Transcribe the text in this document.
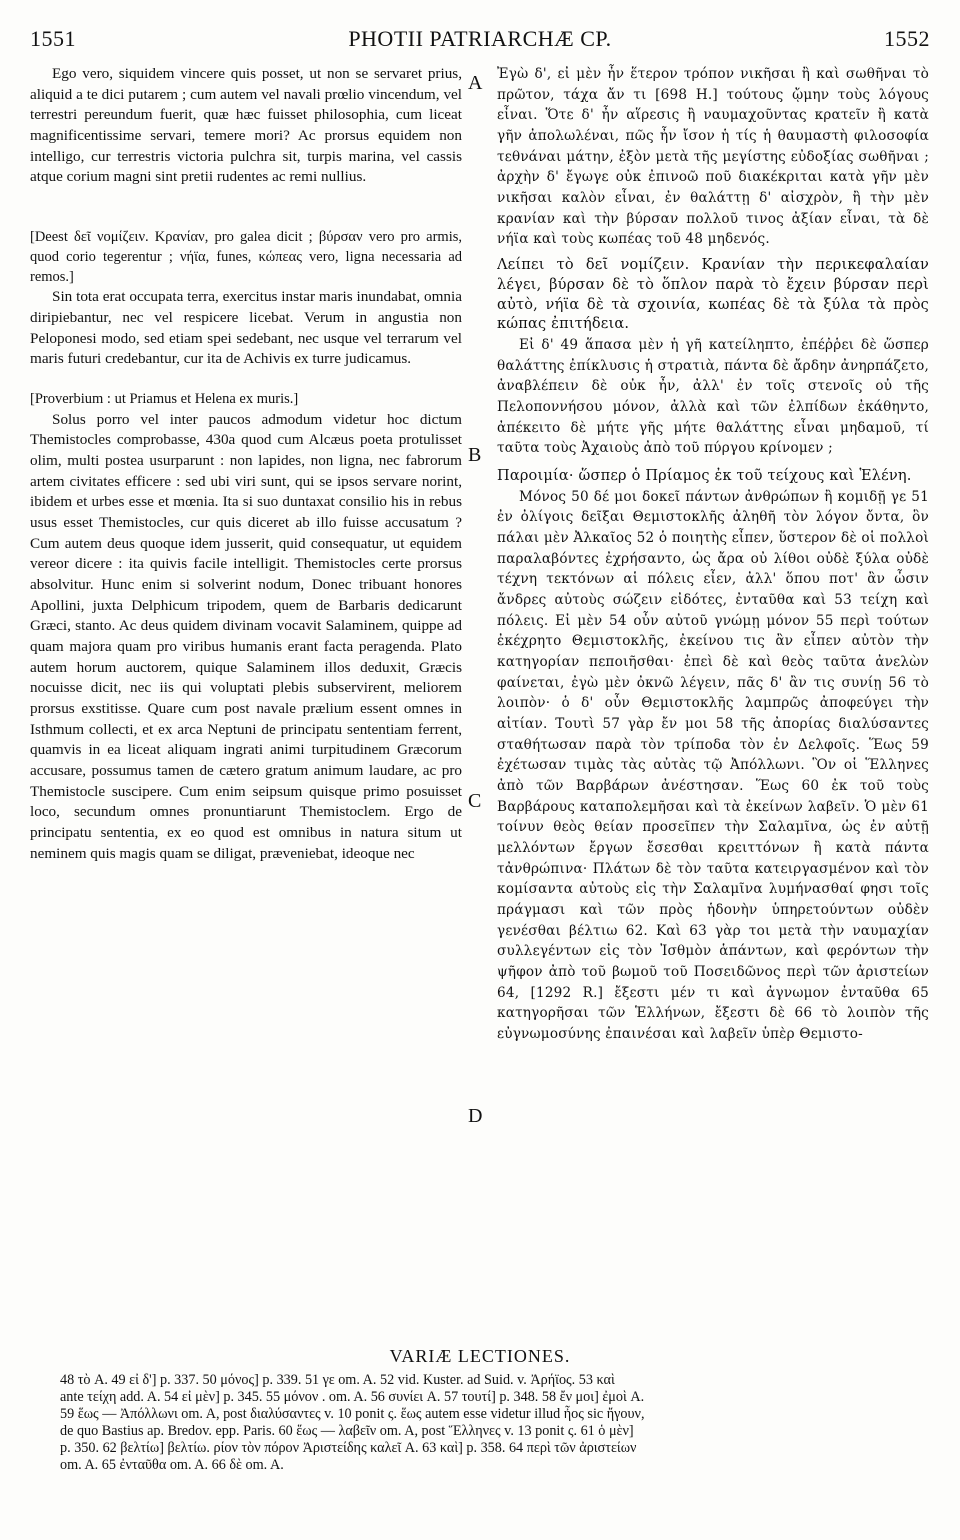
1551	PHOTII PATRIARCHÆ CP.	1552

Ego vero, siquidem vincere quis posset, ut non se servaret prius, aliquid a te dici putarem ; cum autem vel navali prœlio vincendum, vel terrestri pereundum fuerit, quæ hæc fuisset philosophia, cum liceat magnificentissime servari, temere mori? Ac prorsus equidem non intelligo, cur terrestris victoria pulchra sit, turpis marina, vel cassis atque corium magni sint pretii rudentes ac remi nullius.

[Deest δεῖ νομίζειν. Κρανίαν, pro galea dicit ; βύρσαν vero pro armis, quod corio tegerentur ; νήϊα, funes, κώπεας vero, ligna necessaria ad remos.]

Sin tota erat occupata terra, exercitus instar maris inundabat, omnia diripiebantur, nec vel respicere licebat. Verum in angustia non Peloponesi modo, sed etiam spei sedebant, nec usque vel terrarum vel maris futuri credebantur, cur ita de Achivis ex turre judicamus.

[Proverbium : ut Priamus et Helena ex muris.]

Solus porro vel inter paucos admodum videtur hoc dictum Themistocles comprobasse, 430a quod cum Alcæus poeta protulisset olim, multi postea usurparunt : non lapides, non ligna, nec fabrorum artem civitates efficere : sed ubi viri sunt, qui se ipsos servare norint, ibidem et urbes esse et mœnia. Ita si suo duntaxat consilio his in rebus usus esset Themistocles, cur quis diceret ab illo fuisse accusatum ? Cum autem deus quoque idem jusserit, quid consequatur, ut equidem vereor dicere : ita quivis facile intelligit. Themistocles certe prorsus absolvitur. Hunc enim si solverint nodum, Donec tribuant honores Apollini, juxta Delphicum tripodem, quem de Barbaris dedicarunt Græci, stanto. Ac deus quidem divinam vocavit Salaminem, quippe ad quam majora quam pro viribus humanis erant facta peragenda. Plato autem horum auctorem, quique Salaminem illos deduxit, Græcis nocuisse dicit, nec iis qui voluptati plebis subservirent, meliorem prorsus exstitisse. Quare cum post navale prælium essent omnes in Isthmum collecti, et ex arca Neptuni de principatu sententiam ferrent, quamvis in ea liceat aliquam ingrati animi turpitudinem Græcorum accusare, possumus tamen de cætero gratum animum laudare, ac pro Themistocle suscipere. Cum enim seipsum quisque primo posuisset loco, secundum omnes pronuntiarunt Themistoclem. Ergo de principatu sententia, ex eo quod est omnibus in natura situm ut neminem quis magis quam se diligat, præveniebat, ideoque nec

A
B
C
D

Ἐγὼ δ', εἰ μὲν ἦν ἕτερον τρόπον νικῆσαι ἢ καὶ σωθῆναι τὸ πρῶτον, τάχα ἄν τι [698 H.] τούτους ᾤμην τοὺς λόγους εἶναι. Ὅτε δ' ἦν αἵρεσις ἢ ναυμαχοῦντας κρατεῖν ἢ κατὰ γῆν ἀπολωλέναι, πῶς ἦν ἴσον ἡ τίς ἡ θαυμαστὴ φιλοσοφία τεθνάναι μάτην, ἐξὸν μετὰ τῆς μεγίστης εὐδοξίας σωθῆναι ; ἀρχὴν δ' ἔγωγε οὐκ ἐπινοῶ ποῦ διακέκριται κατὰ γῆν μὲν νικῆσαι καλὸν εἶναι, ἐν θαλάττῃ δ' αἰσχρὸν, ἢ τὴν μὲν κρανίαν καὶ τὴν βύρσαν πολλοῦ τινος ἀξίαν εἶναι, τὰ δὲ νήϊα καὶ τοὺς κωπέας τοῦ 48 μηδενός.

Λείπει τὸ δεῖ νομίζειν. Κρανίαν τὴν περικεφαλαίαν λέγει, βύρσαν δὲ τὸ ὅπλον παρὰ τὸ ἔχειν βύρσαν περὶ αὐτὸ, νήϊα δὲ τὰ σχοινία, κωπέας δὲ τὰ ξύλα τὰ πρὸς κώπας ἐπιτήδεια.

Εἰ δ' 49 ἅπασα μὲν ἡ γῆ κατείληπτο, ἐπέῤῥει δὲ ὥσπερ θαλάττης ἐπίκλυσις ἡ στρατιὰ, πάντα δὲ ἄρδην ἀνηρπάζετο, ἀναβλέπειν δὲ οὐκ ἦν, ἀλλ' ἐν τοῖς στενοῖς οὐ τῆς Πελοποννήσου μόνον, ἀλλὰ καὶ τῶν ἐλπίδων ἐκάθηντο, ἀπέκειτο δὲ μήτε γῆς μήτε θαλάττης εἶναι μηδαμοῦ, τί ταῦτα τοὺς Ἀχαιοὺς ἀπὸ τοῦ πύργου κρίνομεν ;

Παροιμία· ὥσπερ ὁ Πρίαμος ἐκ τοῦ τείχους καὶ Ἑλένη.

Μόνος 50 δέ μοι δοκεῖ πάντων ἀνθρώπων ἢ κομιδῇ γε 51 ἐν ὀλίγοις δεῖξαι Θεμιστοκλῆς ἀληθῆ τὸν λόγον ὄντα, ὃν πάλαι μὲν Ἀλκαῖος 52 ὁ ποιητὴς εἶπεν, ὕστερον δὲ οἱ πολλοὶ παραλαβόντες ἐχρήσαντο, ὡς ἄρα οὐ λίθοι οὐδὲ ξύλα οὐδὲ τέχνη τεκτόνων αἱ πόλεις εἶεν, ἀλλ' ὅπου ποτ' ἂν ὦσιν ἄνδρες αὐτοὺς σώζειν εἰδότες, ἐνταῦθα καὶ 53 τείχη καὶ πόλεις. Εἰ μὲν 54 οὖν αὐτοῦ γνώμῃ μόνον 55 περὶ τούτων ἐκέχρητο Θεμιστοκλῆς, ἐκείνου τις ἂν εἶπεν αὐτὸν τὴν κατηγορίαν πεποιῆσθαι· ἐπεὶ δὲ καὶ θεὸς ταῦτα ἀνελὼν φαίνεται, ἐγὼ μὲν ὀκνῶ λέγειν, πᾶς δ' ἂν τις συνίῃ 56 τὸ λοιπὸν· ὁ δ' οὖν Θεμιστοκλῆς λαμπρῶς ἀποφεύγει τὴν αἰτίαν. Τουτὶ 57 γὰρ ἔν μοι 58 τῆς ἀπορίας διαλύσαντες σταθήτωσαν παρὰ τὸν τρίποδα τὸν ἐν Δελφοῖς. Ἕως 59 ἐχέτωσαν τιμὰς τὰς αὐτὰς τῷ Ἀπόλλωνι. Ὃν οἱ Ἕλληνες ἀπὸ τῶν Βαρβάρων ἀνέστησαν. Ἕως 60 ἐκ τοῦ τοὺς Βαρβάρους καταπολεμῆσαι καὶ τὰ ἐκείνων λαβεῖν. Ὁ μὲν 61 τοίνυν θεὸς θείαν προσεῖπεν τὴν Σαλαμῖνα, ὡς ἐν αὐτῇ μελλόντων ἔργων ἔσεσθαι κρειττόνων ἢ κατὰ πάντα τἀνθρώπινα· Πλάτων δὲ τὸν ταῦτα κατειργασμένον καὶ τὸν κομίσαντα αὐτοὺς εἰς τὴν Σαλαμῖνα λυμήνασθαί φησι τοῖς πράγμασι καὶ τῶν πρὸς ἡδονὴν ὑπηρετούντων οὐδὲν γενέσθαι βέλτιω 62. Καὶ 63 γὰρ τοι μετὰ τὴν ναυμαχίαν συλλεγέντων εἰς τὸν Ἰσθμὸν ἁπάντων, καὶ φερόντων τὴν ψῆφον ἀπὸ τοῦ βωμοῦ τοῦ Ποσειδῶνος περὶ τῶν ἀριστείων 64, [1292 R.] ἔξεστι μέν τι καὶ ἀγνωμον ἐνταῦθα 65 κατηγορῆσαι τῶν Ἑλλήνων, ἔξεστι δὲ 66 τὸ λοιπὸν τῆς εὐγνωμοσύνης ἐπαινέσαι καὶ λαβεῖν ὑπὲρ Θεμιστο-

VARIÆ LECTIONES.
48 τὸ A. 49 εἰ δ'] p. 337. 50 μόνος] p. 339. 51 γε om. A. 52 vid. Kuster. ad Suid. v. Ἀρήϊος. 53 καὶ
ante τείχη add. A. 54 εἰ μὲν] p. 345. 55 μόνον . om. A. 56 συνίει A. 57 τουτί] p. 348. 58 ἔν μοι] ἐμοὶ A.
59 ἕως — Ἀπόλλωνι om. A, post διαλύσαντες v. 10 ponit ς. ἕως autem esse videtur illud ἦος sic ἤγουν,
de quo Bastius ap. Bredov. epp. Paris. 60 ἕως — λαβεῖν om. A, post Ἕλληνες v. 13 ponit ς. 61 ὁ μὲν]
p. 350. 62 βελτίω] βελτίω. ρίον τὸν πόρον Ἀριστείδης καλεῖ A. 63 καὶ] p. 358. 64 περὶ τῶν ἀριστείων
om. A. 65 ἐνταῦθα om. A. 66 δὲ om. A.
